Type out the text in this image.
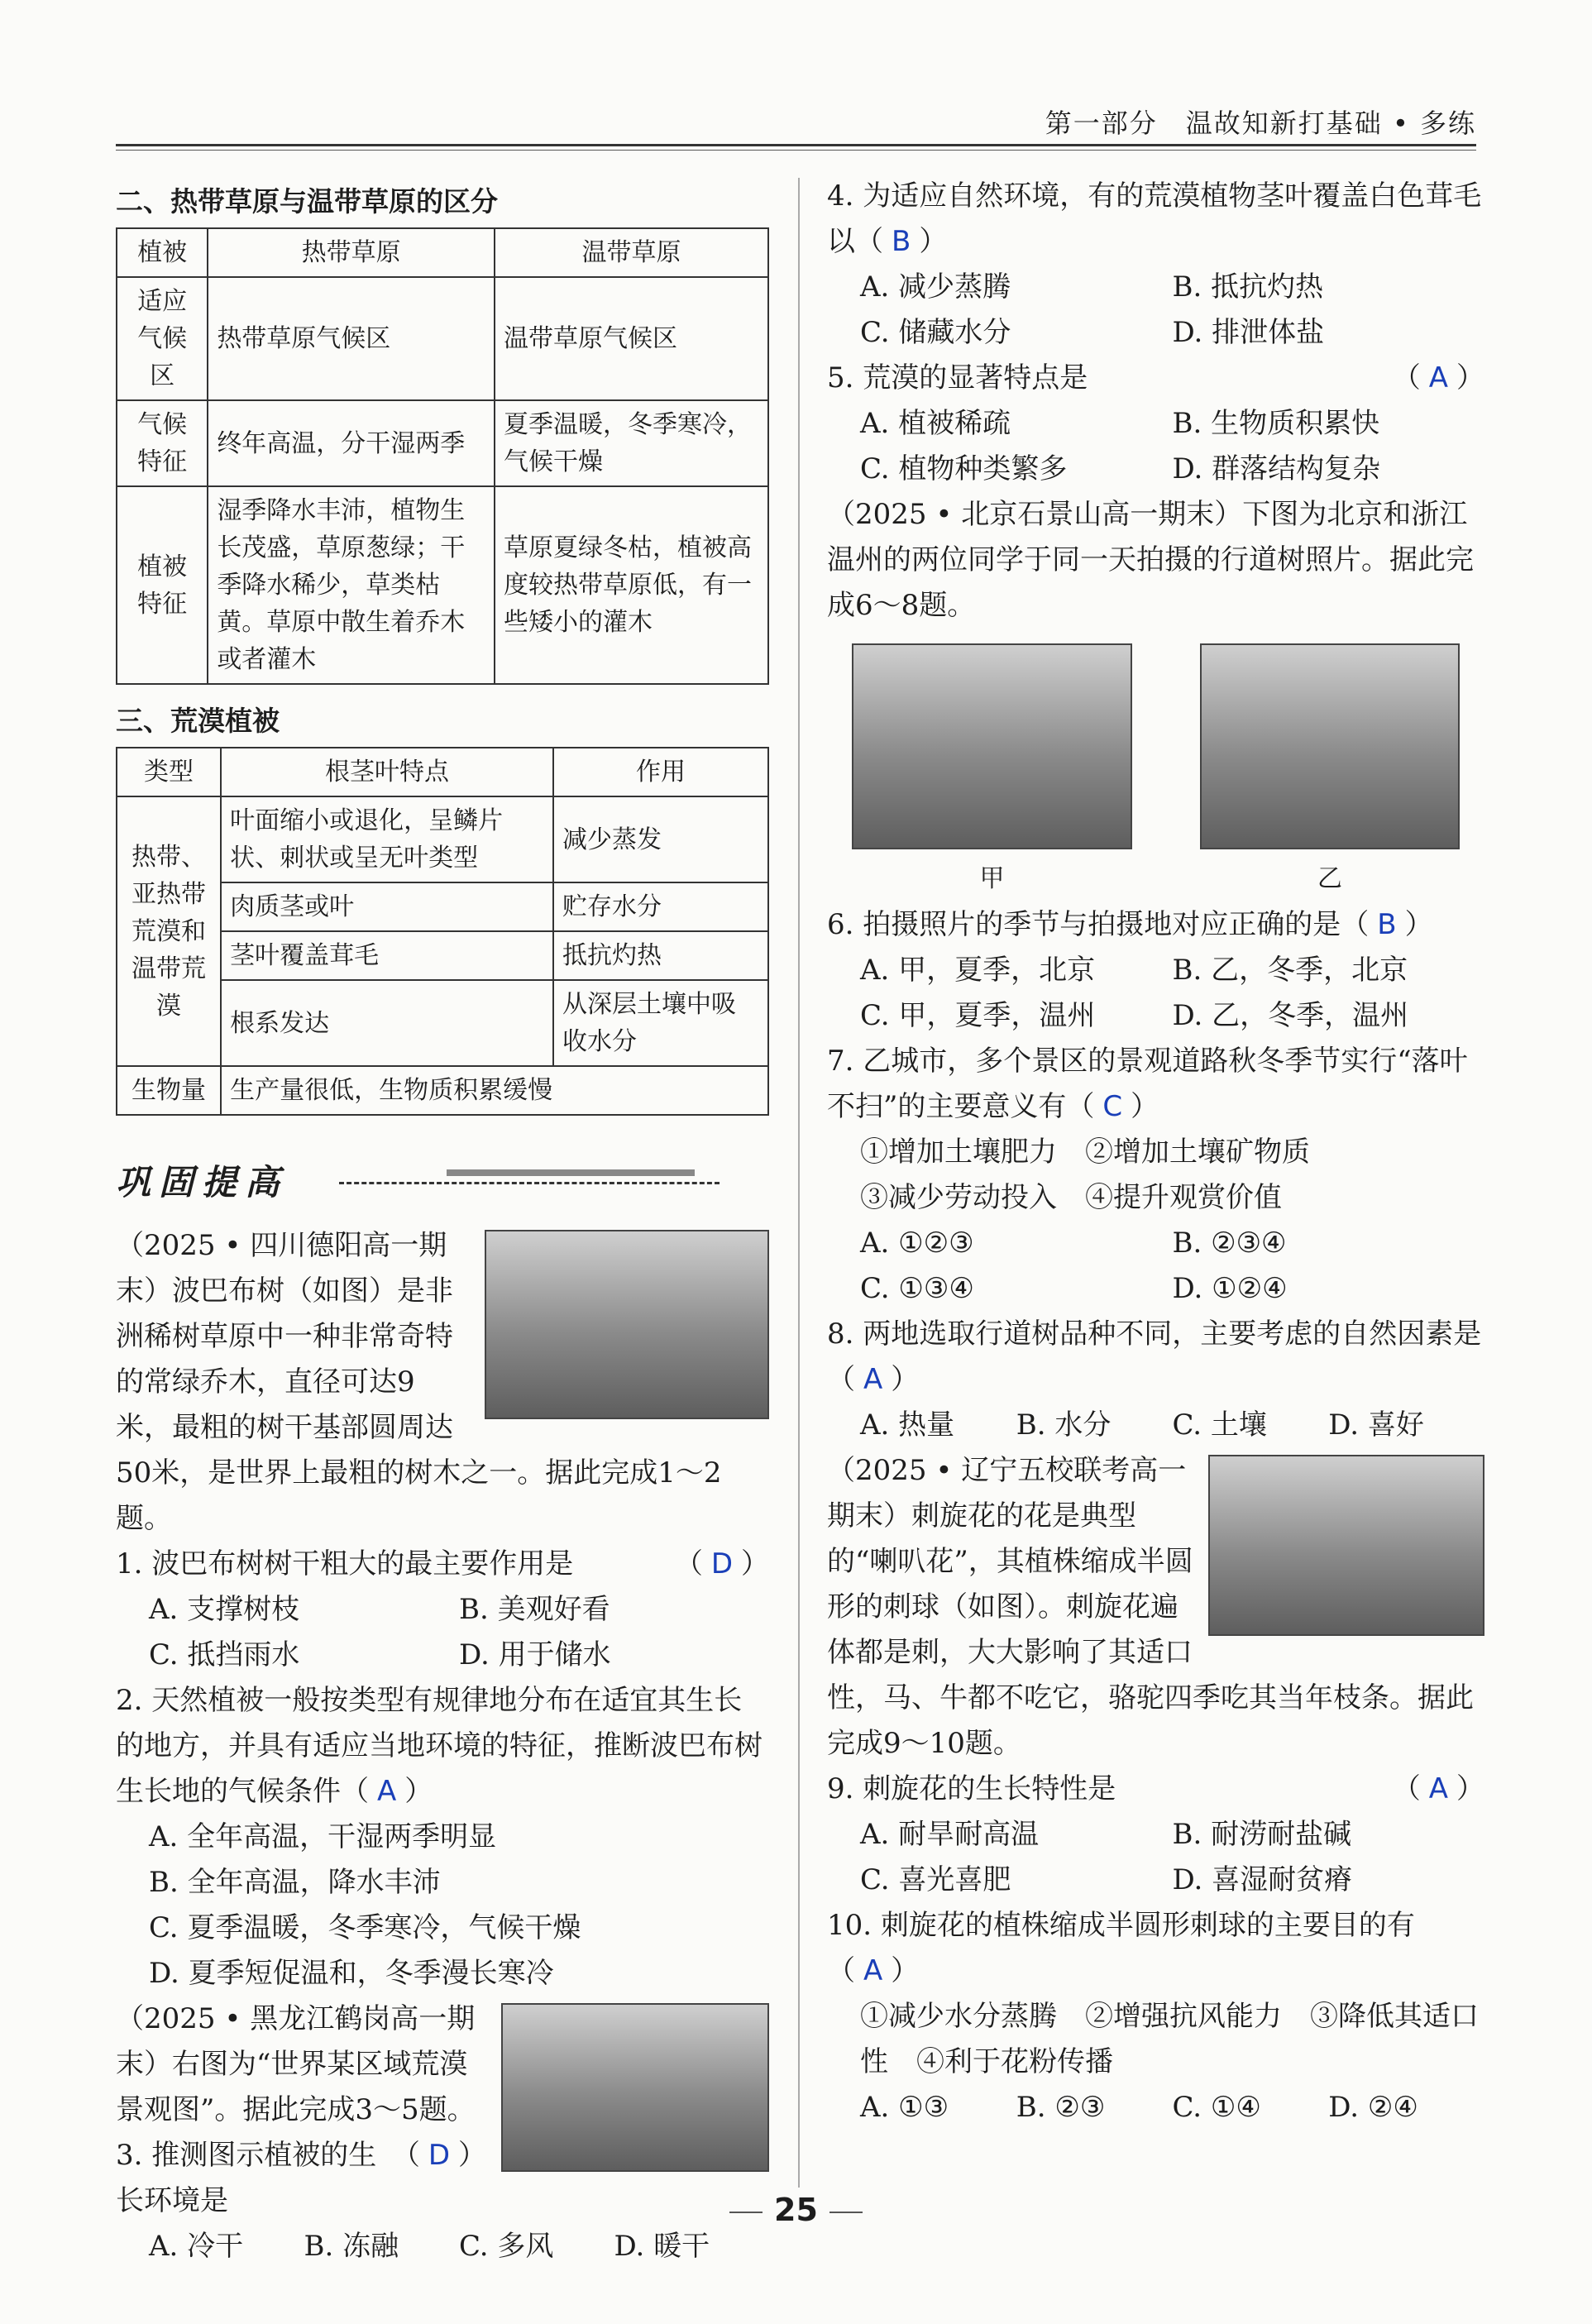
第一部分　温故知新打基础 • 多练
二、热带草原与温带草原的区分
植被	热带草原	温带草原
适应气候区	热带草原气候区	温带草原气候区
气候特征	终年高温，分干湿两季	夏季温暖，冬季寒冷，气候干燥
植被特征	湿季降水丰沛，植物生长茂盛，草原葱绿；干季降水稀少，草类枯黄。草原中散生着乔木或者灌木	草原夏绿冬枯，植被高度较热带草原低，有一些矮小的灌木
三、荒漠植被
类型	根茎叶特点	作用
热带、亚热带荒漠和温带荒漠	叶面缩小或退化，呈鳞片状、刺状或呈无叶类型	减少蒸发
	肉质茎或叶	贮存水分
	茎叶覆盖茸毛	抵抗灼热
	根系发达	从深层土壤中吸收水分
生物量	生产量很低，生物质积累缓慢	
巩固提高
（2025 • 四川德阳高一期末）波巴布树（如图）是非洲稀树草原中一种非常奇特的常绿乔木，直径可达9米，最粗的树干基部圆周达50米，是世界上最粗的树木之一。据此完成1～2题。
1. 波巴布树树干粗大的最主要作用是	（ D ）
A. 支撑树枝	B. 美观好看
C. 抵挡雨水	D. 用于储水
2. 天然植被一般按类型有规律地分布在适宜其生长的地方，并具有适应当地环境的特征，推断波巴布树生长地的气候条件（ A ）
A. 全年高温，干湿两季明显
B. 全年高温，降水丰沛
C. 夏季温暖，冬季寒冷，气候干燥
D. 夏季短促温和，冬季漫长寒冷
（2025 • 黑龙江鹤岗高一期末）右图为“世界某区域荒漠景观图”。据此完成3～5题。
3. 推测图示植被的生长环境是
（ D ）
A. 冷干	B. 冻融	C. 多风	D. 暖干
4. 为适应自然环境，有的荒漠植物茎叶覆盖白色茸毛以（ B ）
A. 减少蒸腾	B. 抵抗灼热
C. 储藏水分	D. 排泄体盐
5. 荒漠的显著特点是	（ A ）
A. 植被稀疏	B. 生物质积累快
C. 植物种类繁多	D. 群落结构复杂
（2025 • 北京石景山高一期末）下图为北京和浙江温州的两位同学于同一天拍摄的行道树照片。据此完成6～8题。
甲	乙
6. 拍摄照片的季节与拍摄地对应正确的是（ B ）
A. 甲，夏季，北京	B. 乙，冬季，北京
C. 甲，夏季，温州	D. 乙，冬季，温州
7. 乙城市，多个景区的景观道路秋冬季节实行“落叶不扫”的主要意义有（ C ）
①增加土壤肥力　②增加土壤矿物质
③减少劳动投入　④提升观赏价值
A. ①②③	B. ②③④
C. ①③④	D. ①②④
8. 两地选取行道树品种不同，主要考虑的自然因素是（ A ）
A. 热量	B. 水分	C. 土壤	D. 喜好
（2025 • 辽宁五校联考高一期末）刺旋花的花是典型的“喇叭花”，其植株缩成半圆形的刺球（如图）。刺旋花遍体都是刺，大大影响了其适口性，马、牛都不吃它，骆驼四季吃其当年枝条。据此完成9～10题。
9. 刺旋花的生长特性是	（ A ）
A. 耐旱耐高温	B. 耐涝耐盐碱
C. 喜光喜肥	D. 喜湿耐贫瘠
10. 刺旋花的植株缩成半圆形刺球的主要目的有（ A ）
①减少水分蒸腾　②增强抗风能力　③降低其适口性　④利于花粉传播
A. ①③	B. ②③	C. ①④	D. ②④
25
